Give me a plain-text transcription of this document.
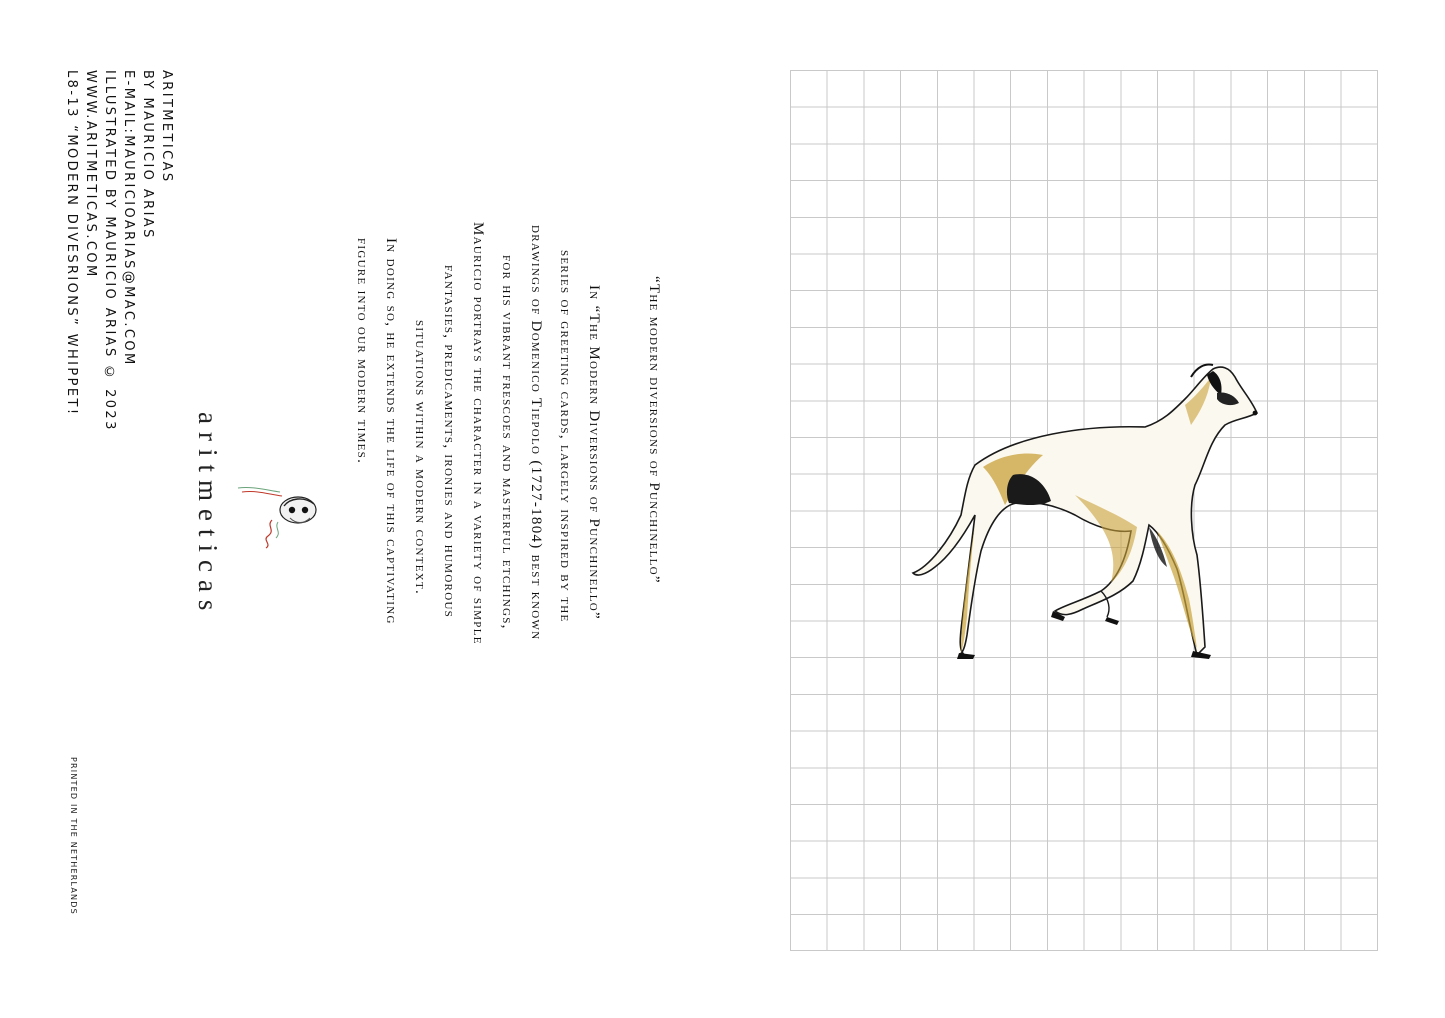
ARITMETICAS
BY MAURICIO ARIAS
E-MAIL:MAURICIOARIAS@MAC.COM
ILLUSTRATED BY MAURICIO ARIAS © 2023
WWW.ARITMETICAS.COM
L8-13 “MODERN DIVESRIONS” WHIPPET!
aritmeticas
PRINTED IN THE NETHERLANDS
“The modern diversions of Punchinello”
In “The Modern Diversions of Punchinello”
series of greeting cards, largely inspired by the
drawings of Domenico Tiepolo (1727-1804) best known
for his vibrant frescoes and masterful etchings,
Mauricio portrays the character in a variety of simple
fantasies, predicaments, ironies and humorous
situations within a modern context.
In doing so, he extends the life of this captivating
figure into our modern times.
